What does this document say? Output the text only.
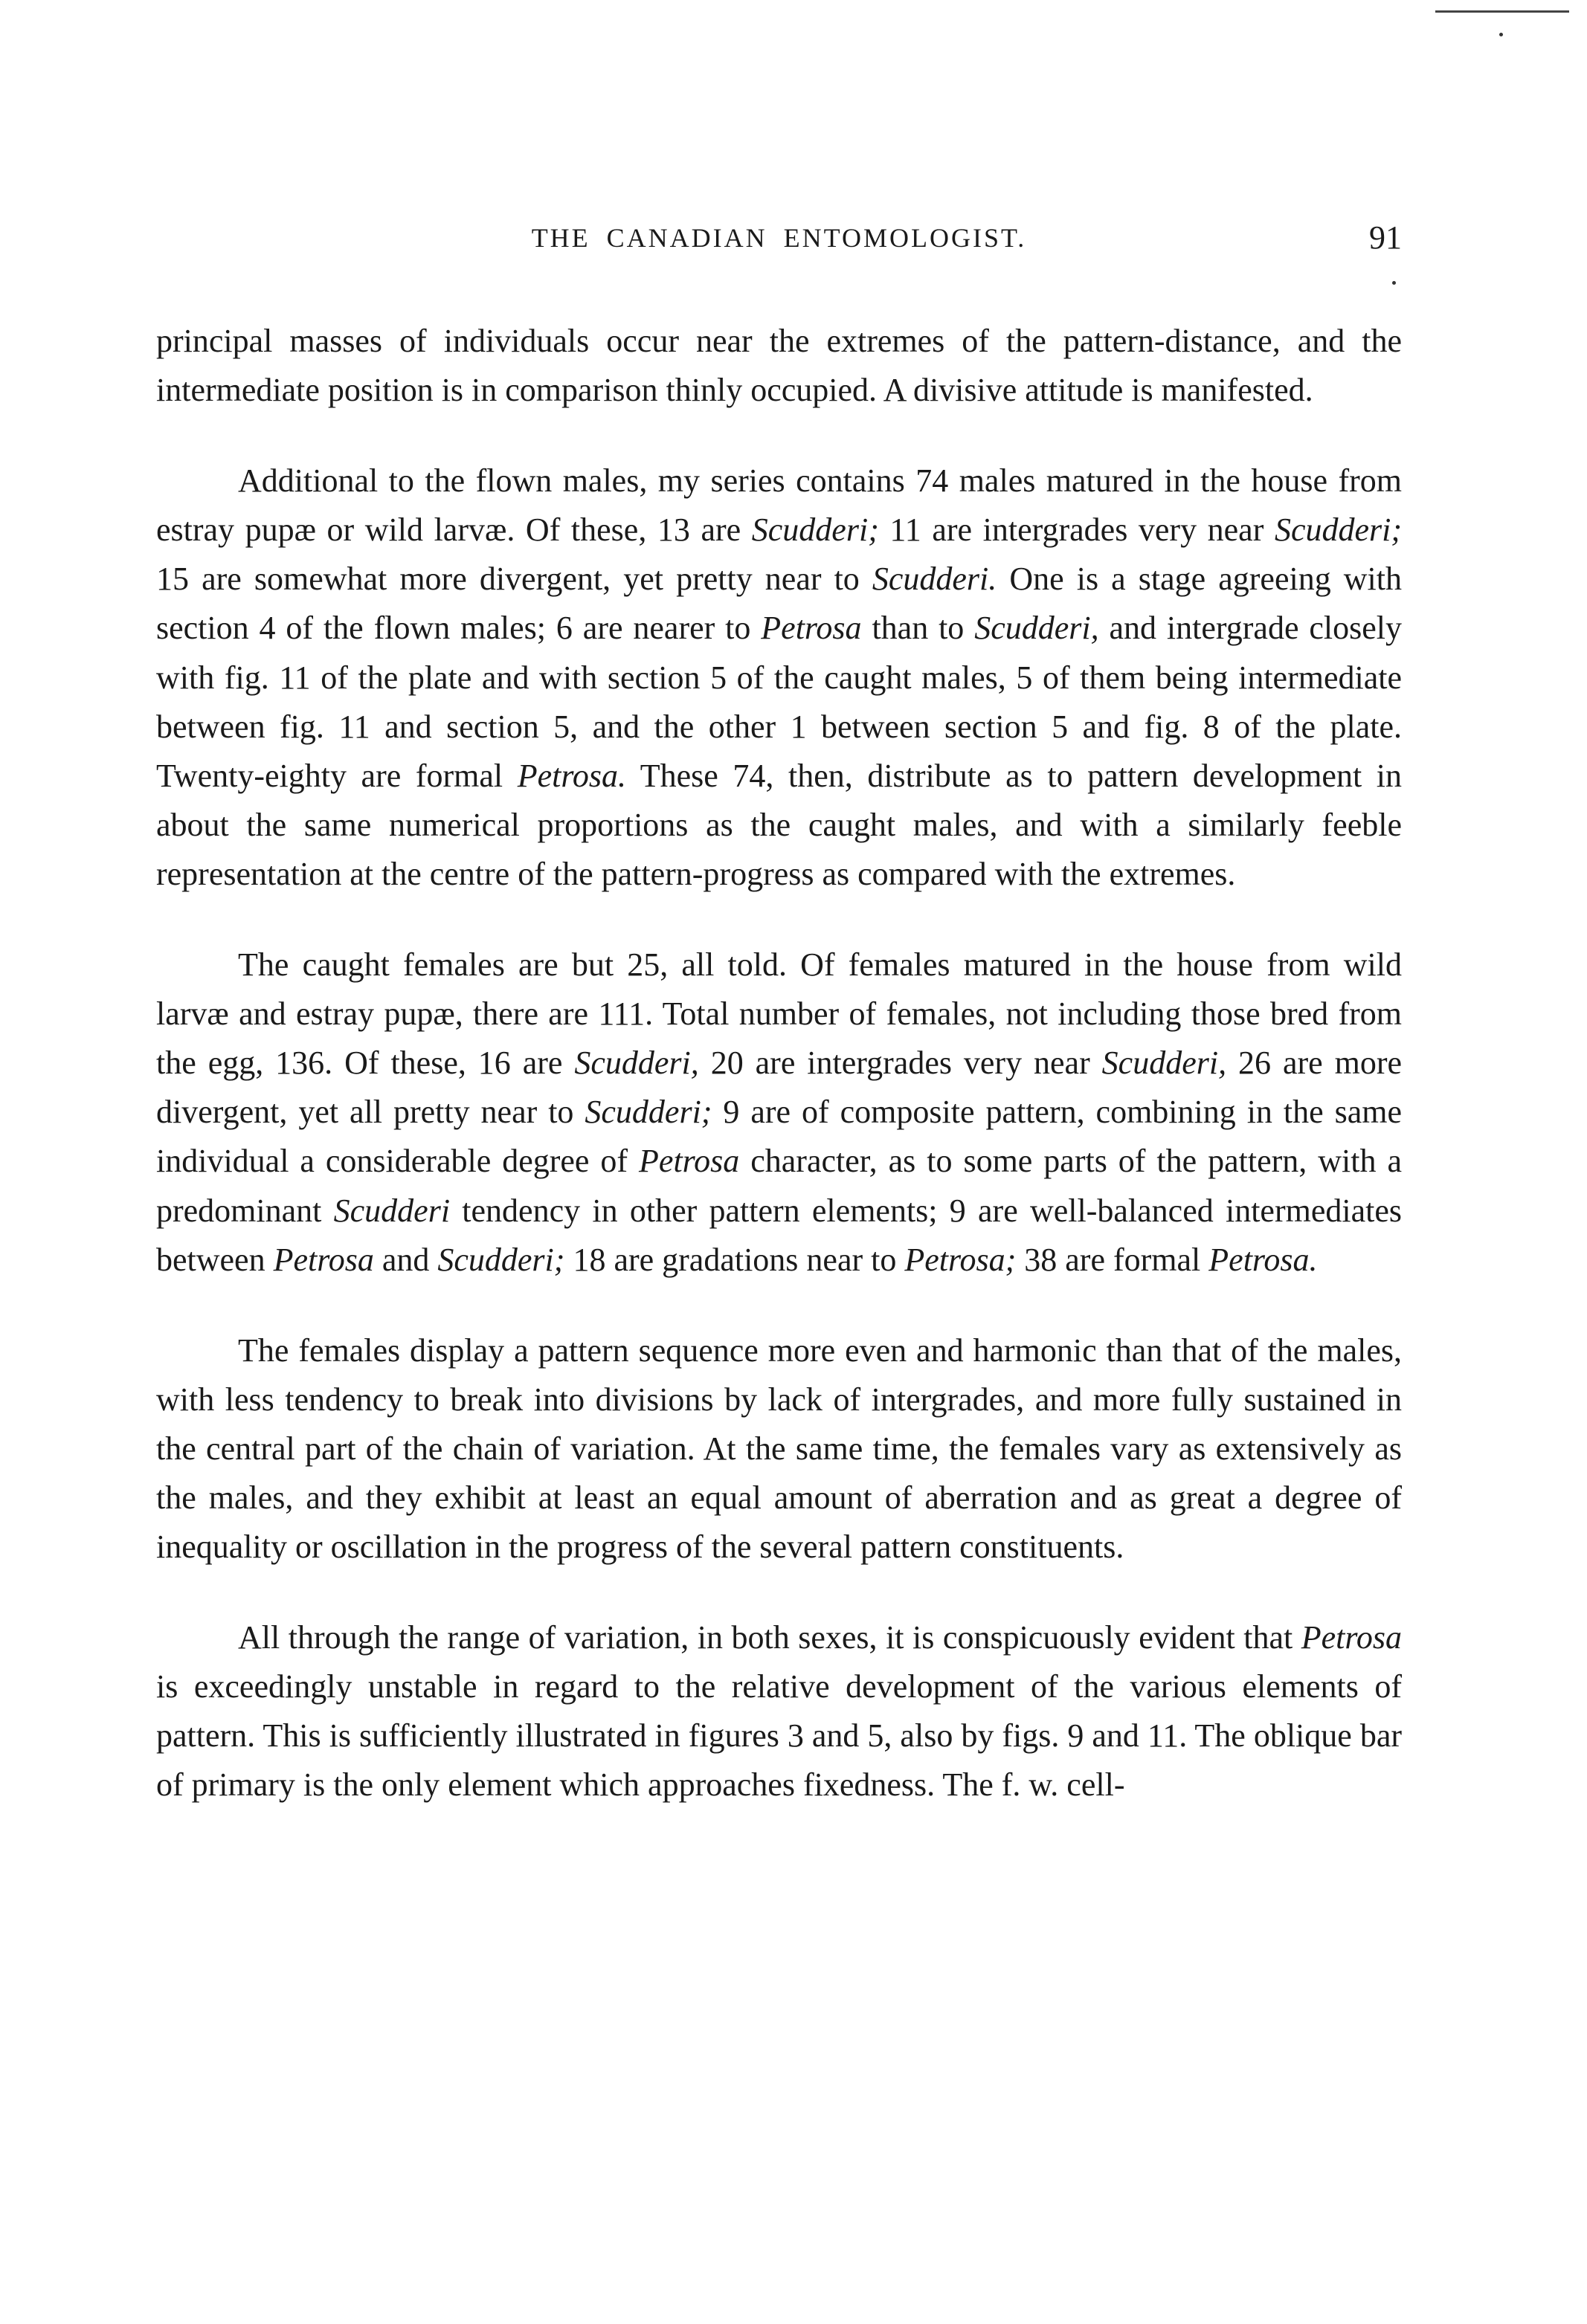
THE CANADIAN ENTOMOLOGIST.	91

principal masses of individuals occur near the extremes of the pattern-distance, and the intermediate position is in comparison thinly occupied. A divisive attitude is manifested.

Additional to the flown males, my series contains 74 males matured in the house from estray pupæ or wild larvæ. Of these, 13 are Scudderi; 11 are intergrades very near Scudderi; 15 are somewhat more divergent, yet pretty near to Scudderi. One is a stage agreeing with section 4 of the flown males; 6 are nearer to Petrosa than to Scudderi, and intergrade closely with fig. 11 of the plate and with section 5 of the caught males, 5 of them being intermediate between fig. 11 and section 5, and the other 1 between section 5 and fig. 8 of the plate. Twenty-eighty are formal Petrosa. These 74, then, distribute as to pattern development in about the same numerical proportions as the caught males, and with a similarly feeble representation at the centre of the pattern-progress as compared with the extremes.

The caught females are but 25, all told. Of females matured in the house from wild larvæ and estray pupæ, there are 111. Total number of females, not including those bred from the egg, 136. Of these, 16 are Scudderi, 20 are intergrades very near Scudderi, 26 are more divergent, yet all pretty near to Scudderi; 9 are of composite pattern, combining in the same individual a considerable degree of Petrosa character, as to some parts of the pattern, with a predominant Scudderi tendency in other pattern elements; 9 are well-balanced intermediates between Petrosa and Scudderi; 18 are gradations near to Petrosa; 38 are formal Petrosa.

The females display a pattern sequence more even and harmonic than that of the males, with less tendency to break into divisions by lack of intergrades, and more fully sustained in the central part of the chain of variation. At the same time, the females vary as extensively as the males, and they exhibit at least an equal amount of aberration and as great a degree of inequality or oscillation in the progress of the several pattern constituents.

All through the range of variation, in both sexes, it is conspicuously evident that Petrosa is exceedingly unstable in regard to the relative development of the various elements of pattern. This is sufficiently illustrated in figures 3 and 5, also by figs. 9 and 11. The oblique bar of primary is the only element which approaches fixedness. The f. w. cell-
